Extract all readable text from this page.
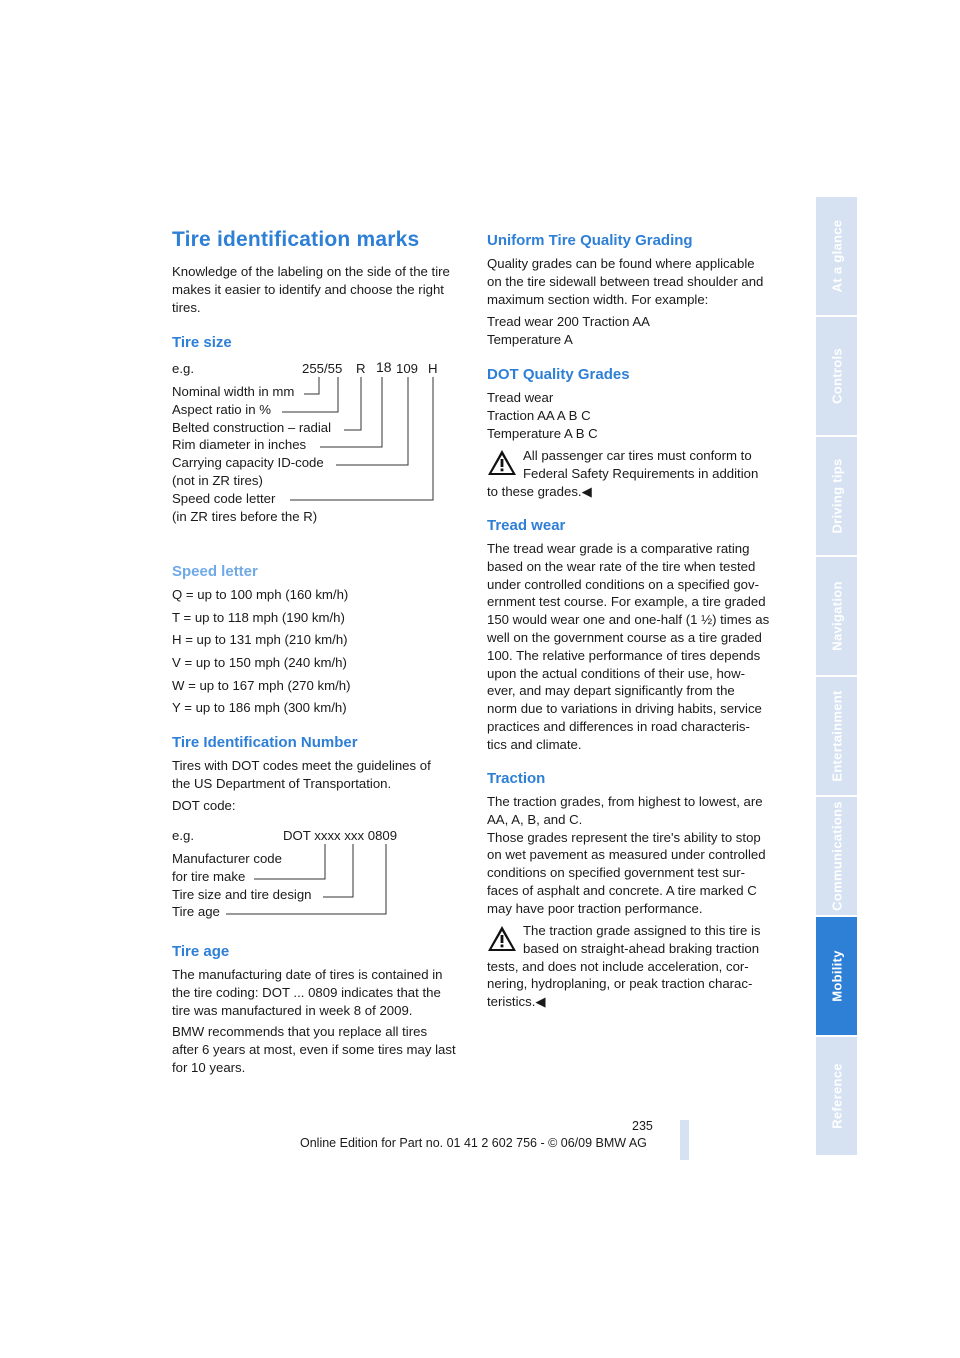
Tire identification marks
Knowledge of the labeling on the side of the tire
makes it easier to identify and choose the right
tires.
Tire size
e.g.	255/55 R 18 109 H
Nominal width in mm
Aspect ratio in %
Belted construction – radial
Rim diameter in inches
Carrying capacity ID-code
(not in ZR tires)
Speed code letter
(in ZR tires before the R)
Speed letter
Q = up to 100 mph (160 km/h)
T = up to 118 mph (190 km/h)
H = up to 131 mph (210 km/h)
V = up to 150 mph (240 km/h)
W = up to 167 mph (270 km/h)
Y = up to 186 mph (300 km/h)
Tire Identification Number
Tires with DOT codes meet the guidelines of
the US Department of Transportation.
DOT code:
e.g.	DOT xxxx xxx 0809
Manufacturer code
for tire make
Tire size and tire design
Tire age
Tire age
The manufacturing date of tires is contained in
the tire coding: DOT ... 0809 indicates that the
tire was manufactured in week 8 of 2009.
BMW recommends that you replace all tires
after 6 years at most, even if some tires may last
for 10 years.
Uniform Tire Quality Grading
Quality grades can be found where applicable
on the tire sidewall between tread shoulder and
maximum section width. For example:
Tread wear 200 Traction AA
Temperature A
DOT Quality Grades
Tread wear
Traction AA A B C
Temperature A B C
All passenger car tires must conform to
Federal Safety Requirements in addition
to these grades.◀
Tread wear
The tread wear grade is a comparative rating
based on the wear rate of the tire when tested
under controlled conditions on a specified gov-
ernment test course. For example, a tire graded
150 would wear one and one-half (1 ½) times as
well on the government course as a tire graded
100. The relative performance of tires depends
upon the actual conditions of their use, how-
ever, and may depart significantly from the
norm due to variations in driving habits, service
practices and differences in road characteris-
tics and climate.
Traction
The traction grades, from highest to lowest, are
AA, A, B, and C.
Those grades represent the tire's ability to stop
on wet pavement as measured under controlled
conditions on specified government test sur-
faces of asphalt and concrete. A tire marked C
may have poor traction performance.
The traction grade assigned to this tire is
based on straight-ahead braking traction
tests, and does not include acceleration, cor-
nering, hydroplaning, or peak traction charac-
teristics.◀
At a glance
Controls
Driving tips
Navigation
Entertainment
Communications
Mobility
Reference
235
Online Edition for Part no. 01 41 2 602 756 - © 06/09 BMW AG
